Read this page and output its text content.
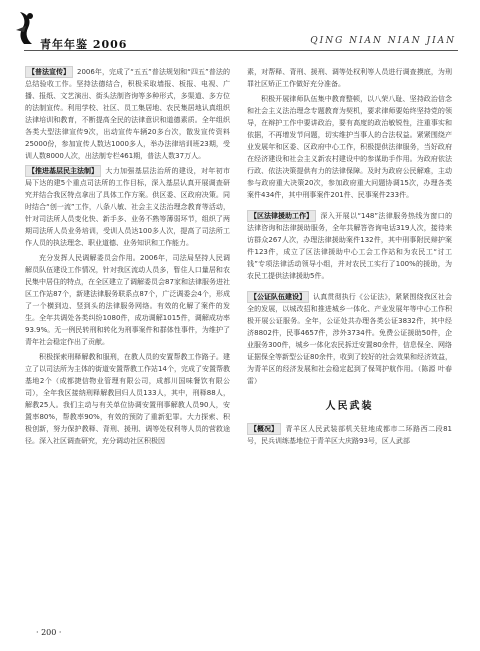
青年年鉴 2006	QING NIAN NIAN JIAN

【普法宣传】 2006年，完成了“五五”普法规划和“四五”普法的总结验收工作。坚持法德结合，积极采取墙报、板报、电视、广播、报纸、文艺演出、街头法制咨询等多种形式，多渠道、多方位的法制宣传。利用学校、社区、员工集居地、农民集居地认真组织法律培训和教育，不断提高全民的法律意识和道德素质。全年组织各类大型法律宣传9次，出动宣传车辆20多台次，散发宣传资料25000份，参加宣传人数达1000多人，举办法律培训班23期，受训人数8000人次，出法制专栏461期，普法人数37万人。

【推进基层民主法制】 大力加强基层法治所的建设，对年初市局下达的建5个重点司法所的工作目标，深入基层认真开展调查研究并结合我区特点拿出了具体工作方案。供区委、区政府决策。同时结合“创一流”工作，八条八敏、社会主义法治理念教育等活动，针对司法所人员变化快、新手多、业务不熟等薄弱环节，组织了两期司法所人员业务培训，受训人员达100多人次，提高了司法所工作人员的执法理念、职业道德、业务知识和工作能力。

充分发挥人民调解委员会作用。2006年，司法局坚持人民调解员队伍建设工作情况，针对我区流动人员多，暂住人口量居和农民集中居住的特点，在全区建立了调解委员会87家和法律服务进社区工作站87个，新建法律服务联系点87个，广泛调委会4个，形成了一个横到边、竖到头的法律服务网络。有效的化解了案件的发生。全年共调处各类纠纷1080件，成功调解1015件，调解成功率93.9%。无一例民转刑和转化为刑事案件和群体性事件，为维护了青年社会稳定作出了贡献。

积极探索刑释解教和服刑，在教人员的安置帮教工作路子。建立了以司法所为主体的街道安置帮教工作站14个，完成了安置帮教基地2个（成都捷信物业管理有限公司，成都川国味餐饮有限公司），全年我区接纳刑释解教回归人员133人，其中，刑释88人，解教25人。我们主动与有关单位协调安置刑事解教人员90人，安置率80%，帮教率90%，有效的预防了重新犯罪。大力探索、积极创新，努力保护教释、背刑、援刑、调等处权利等人员的营救途径。深入社区调查研究，充分调动社区积极因

素，对帮释、背刑、援刑、调等处权利等人员进行调查摸底，为刑罪社区矫正工作做好充分准备。

积极开展律师队伍集中教育整顿，以八荣八耻、坚持政治信念和社会主义法治理念专题教育为契机，要求律师要始终坚持党的领导，在辩护工作中要讲政治，要有高度的政治敏锐性，注重事实和依据，不再增发节问题，切实维护当事人的合法权益。紧紧围绕产业发展年和区委、区政府中心工作，积极提供法律服务，当好政府在经济建设和社会主义新农村建设中的参谋助手作用。为政府依法行政、依法决策提供有力的法律保障。及时为政府公民解难，主动参与政府重大决策20次，参加政府重大问题协调15次，办理各类案件434件，其中刑事案件201件、民事案件233件。

【区法律援助工作】 深入开展以“148”法律服务热线为窗口的法律咨询和法律援助服务，全年共解答咨询电话319人次，接待来访群众267人次，办理法律援助案件132件，其中刑事附民辩护案件123件，成立了区法律援助中心工会工作站和为农民工“讨工钱”专项法律活动领导小组，并对农民工实行了100%的援助，为农民工提供法律援助5件。

【公证队伍建设】 认真贯彻执行《公证法》，紧紧围绕我区社会全的发展，以城改招和推进城乡一体化、产业发展年等中心工作积极开展公证服务。全年，公证处共办理各类公证3832件，其中经济8802件，民事4657件，涉外3734件。免费公证援助50件，企业服务300件，城乡一体化农民拆迁安置80余件，信息保全、网络证据保全等新型公证80余件，收到了较好的社会效果和经济效益，为青羊区的经济发展和社会稳定起到了保驾护航作用。（陈源 叶春雷）

人民武装

【概况】 青羊区人民武装部机关驻地成都市二环路西二段81号，民兵训练基地位于青羊区大庆路93号，区人武部

· 200 ·
